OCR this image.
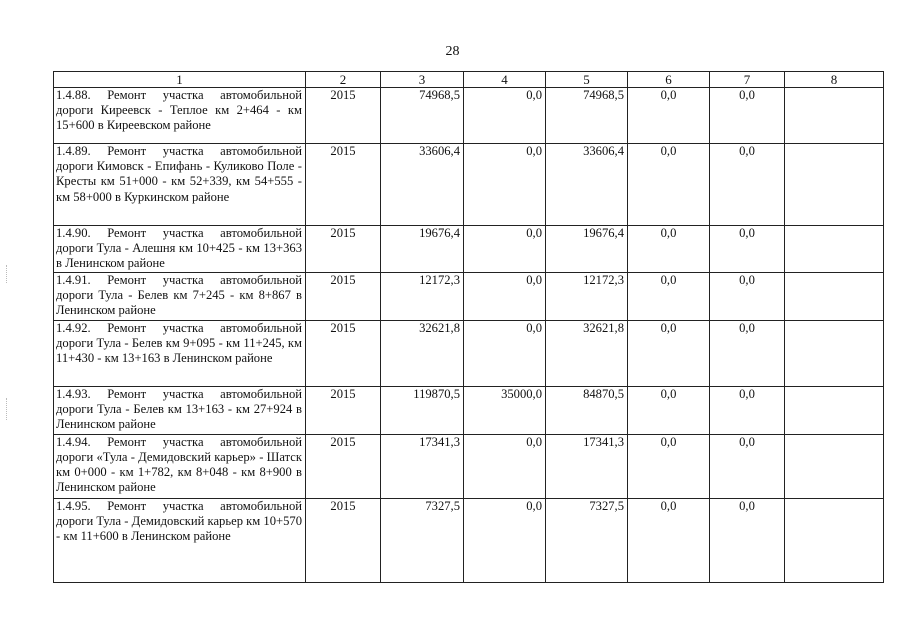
28
1	2	3	4	5	6	7	8
1.4.88. Ремонт участка автомобильной дороги Киреевск - Теплое км 2+464 - км 15+600 в Киреевском районе	2015	74968,5	0,0	74968,5	0,0	0,0	
1.4.89. Ремонт участка автомобильной дороги Кимовск - Епифань - Куликово Поле - Кресты км 51+000 - км 52+339, км 54+555 - км 58+000 в Куркинском районе	2015	33606,4	0,0	33606,4	0,0	0,0	
1.4.90. Ремонт участка автомобильной дороги Тула - Алешня км 10+425 - км 13+363 в Ленинском районе	2015	19676,4	0,0	19676,4	0,0	0,0	
1.4.91. Ремонт участка автомобильной дороги Тула - Белев км 7+245 - км 8+867 в Ленинском районе	2015	12172,3	0,0	12172,3	0,0	0,0	
1.4.92. Ремонт участка автомобильной дороги Тула - Белев км 9+095 - км 11+245, км 11+430 - км 13+163 в Ленинском районе	2015	32621,8	0,0	32621,8	0,0	0,0	
1.4.93. Ремонт участка автомобильной дороги Тула - Белев км 13+163 - км 27+924 в Ленинском районе	2015	119870,5	35000,0	84870,5	0,0	0,0	
1.4.94. Ремонт участка автомобильной дороги «Тула - Демидовский карьер» - Шатск км 0+000 - км 1+782, км 8+048 - км 8+900 в Ленинском районе	2015	17341,3	0,0	17341,3	0,0	0,0	
1.4.95. Ремонт участка автомобильной дороги Тула - Демидовский карьер км 10+570 - км 11+600 в Ленинском районе	2015	7327,5	0,0	7327,5	0,0	0,0	
